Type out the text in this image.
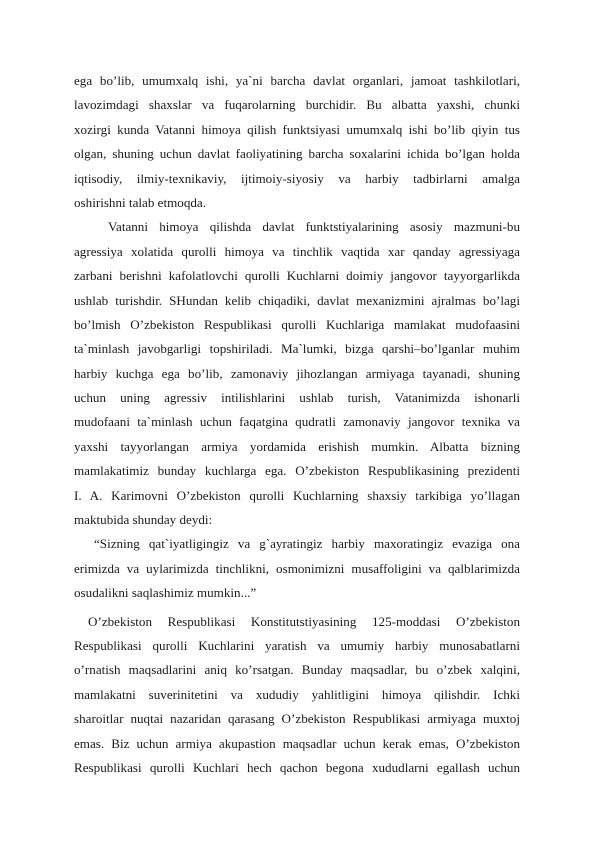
ega bo’lib, umumxalq ishi, ya`ni barcha davlat organlari, jamoat tashkilotlari,
lavozimdagi shaxslar va fuqarolarning burchidir. Bu albatta yaxshi, chunki
xozirgi kunda Vatanni himoya qilish funktsiyasi umumxalq ishi bo’lib qiyin tus
olgan, shuning uchun davlat faoliyatining barcha soxalarini ichida bo’lgan holda
iqtisodiy, ilmiy-texnikaviy, ijtimoiy-siyosiy va harbiy tadbirlarni amalga
oshirishni talab etmoqda.
Vatanni himoya qilishda davlat funktstiyalarining asosiy mazmuni-bu
agressiya xolatida qurolli himoya va tinchlik vaqtida xar qanday agressiyaga
zarbani berishni kafolatlovchi qurolli Kuchlarni doimiy jangovor tayyorgarlikda
ushlab turishdir. SHundan kelib chiqadiki, davlat mexanizmini ajralmas bo’lagi
bo’lmish O’zbekiston Respublikasi qurolli Kuchlariga mamlakat mudofaasini
ta`minlash javobgarligi topshiriladi. Ma`lumki, bizga qarshi–bo’lganlar muhim
harbiy kuchga ega bo’lib, zamonaviy jihozlangan armiyaga tayanadi, shuning
uchun uning agressiv intilishlarini ushlab turish, Vatanimizda ishonarli
mudofaani ta`minlash uchun faqatgina qudratli zamonaviy jangovor texnika va
yaxshi tayyorlangan armiya yordamida erishish mumkin. Albatta bizning
mamlakatimiz bunday kuchlarga ega. O’zbekiston Respublikasining prezidenti
I. A. Karimovni O’zbekiston qurolli Kuchlarning shaxsiy tarkibiga yo’llagan
maktubida shunday deydi:
“Sizning qat`iyatligingiz va g`ayratingiz harbiy maxoratingiz evaziga ona
erimizda va uylarimizda tinchlikni, osmonimizni musaffoligini va qalblarimizda
osudalikni saqlashimiz mumkin...”
O’zbekiston Respublikasi Konstitutstiyasining 125-moddasi O’zbekiston
Respublikasi qurolli Kuchlarini yaratish va umumiy harbiy munosabatlarni
o’rnatish maqsadlarini aniq ko’rsatgan. Bunday maqsadlar, bu o’zbek xalqini,
mamlakatni suverinitetini va xududiy yahlitligini himoya qilishdir. Ichki
sharoitlar nuqtai nazaridan qarasang O’zbekiston Respublikasi armiyaga muxtoj
emas. Biz uchun armiya akupastion maqsadlar uchun kerak emas, O’zbekiston
Respublikasi qurolli Kuchlari hech qachon begona xududlarni egallash uchun
